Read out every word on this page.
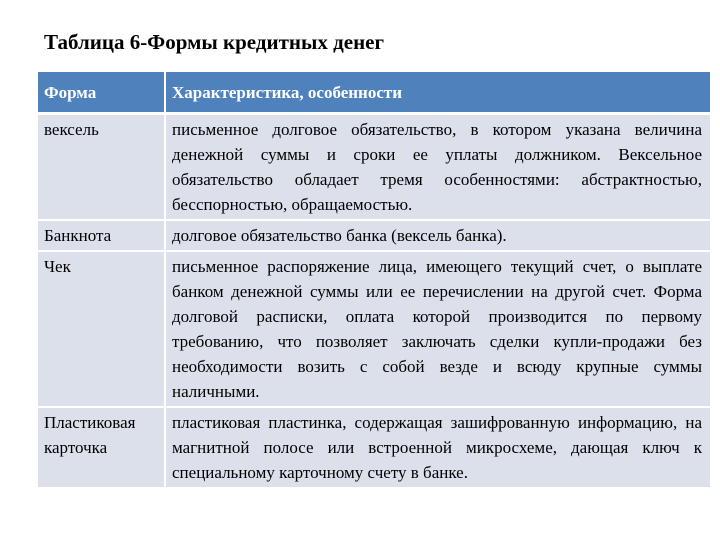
Таблица 6-Формы кредитных денег
Форма	Характеристика, особенности
вексель	письменное долговое обязательство, в котором указана величина денежной суммы и сроки ее уплаты должником. Вексельное обязательство обладает тремя особенностями: абстрактностью, бесспорностью, обращаемостью.
Банкнота	долговое обязательство банка (вексель банка).
Чек	письменное распоряжение лица, имеющего текущий счет, о выплате банком денежной суммы или ее перечислении на другой счет. Форма долговой расписки, оплата которой производится по первому требованию, что позволяет заключать сделки купли-продажи без необходимости возить с собой везде и всюду крупные суммы наличными.
Пластиковая карточка	пластиковая пластинка, содержащая зашифрованную информацию, на магнитной полосе или встроенной микросхеме, дающая ключ к специальному карточному счету в банке.
